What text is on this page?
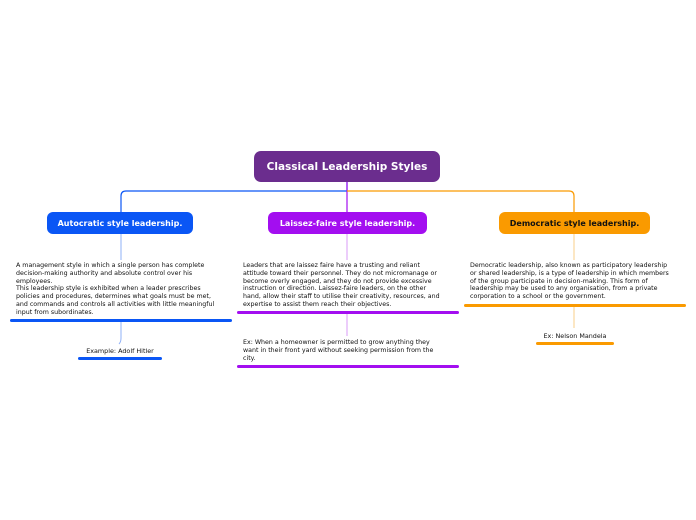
Classical Leadership Styles
Autocratic style leadership.	Laissez-faire style leadership.	Democratic style leadership.
A management style in which a single person has complete
decision-making authority and absolute control over his
employees.
This leadership style is exhibited when a leader prescribes
policies and procedures, determines what goals must be met,
and commands and controls all activities with little meaningful
input from subordinates.
Example: Adolf Hitler
Leaders that are laissez faire have a trusting and reliant
attitude toward their personnel. They do not micromanage or
become overly engaged, and they do not provide excessive
instruction or direction. Laissez-faire leaders, on the other
hand, allow their staff to utilise their creativity, resources, and
expertise to assist them reach their objectives.
Ex: When a homeowner is permitted to grow anything they
want in their front yard without seeking permission from the
city.
Democratic leadership, also known as participatory leadership
or shared leadership, is a type of leadership in which members
of the group participate in decision-making. This form of
leadership may be used to any organisation, from a private
corporation to a school or the government.
Ex: Nelson Mandela
